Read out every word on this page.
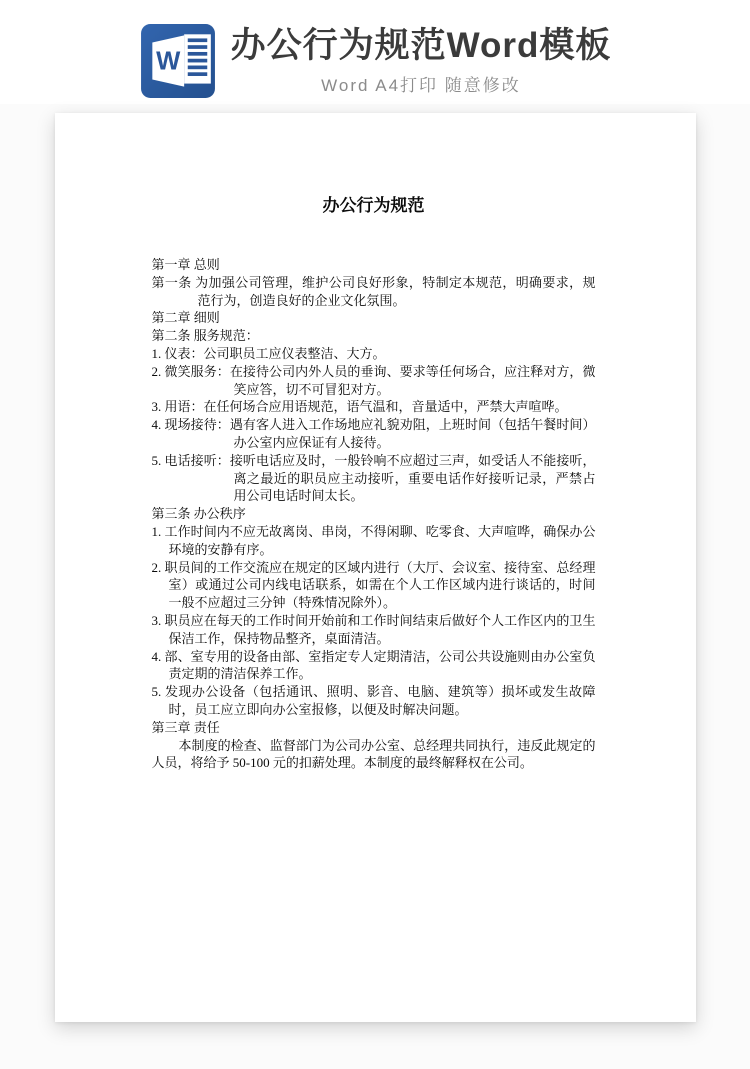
W 办公行为规范Word模板
Word A4打印 随意修改
办公行为规范

第一章 总则

第一条 为加强公司管理，维护公司良好形象，特制定本规范，明确要求，规范行为，创造良好的企业文化氛围。

第二章 细则

第二条 服务规范：

1. 仪表：公司职员工应仪表整洁、大方。

2. 微笑服务：在接待公司内外人员的垂询、要求等任何场合，应注释对方，微笑应答，切不可冒犯对方。

3. 用语：在任何场合应用语规范，语气温和，音量适中，严禁大声喧哗。

4. 现场接待：遇有客人进入工作场地应礼貌劝阻，上班时间（包括午餐时间）办公室内应保证有人接待。

5. 电话接听：接听电话应及时，一般铃响不应超过三声，如受话人不能接听，离之最近的职员应主动接听，重要电话作好接听记录，严禁占用公司电话时间太长。

第三条 办公秩序

1. 工作时间内不应无故离岗、串岗，不得闲聊、吃零食、大声喧哗，确保办公环境的安静有序。

2. 职员间的工作交流应在规定的区域内进行（大厅、会议室、接待室、总经理室）或通过公司内线电话联系，如需在个人工作区域内进行谈话的，时间一般不应超过三分钟（特殊情况除外）。

3. 职员应在每天的工作时间开始前和工作时间结束后做好个人工作区内的卫生保洁工作，保持物品整齐，桌面清洁。

4. 部、室专用的设备由部、室指定专人定期清洁，公司公共设施则由办公室负责定期的清洁保养工作。

5. 发现办公设备（包括通讯、照明、影音、电脑、建筑等）损坏或发生故障时，员工应立即向办公室报修，以便及时解决问题。

第三章 责任

本制度的检查、监督部门为公司办公室、总经理共同执行，违反此规定的人员，将给予 50-100 元的扣薪处理。本制度的最终解释权在公司。
